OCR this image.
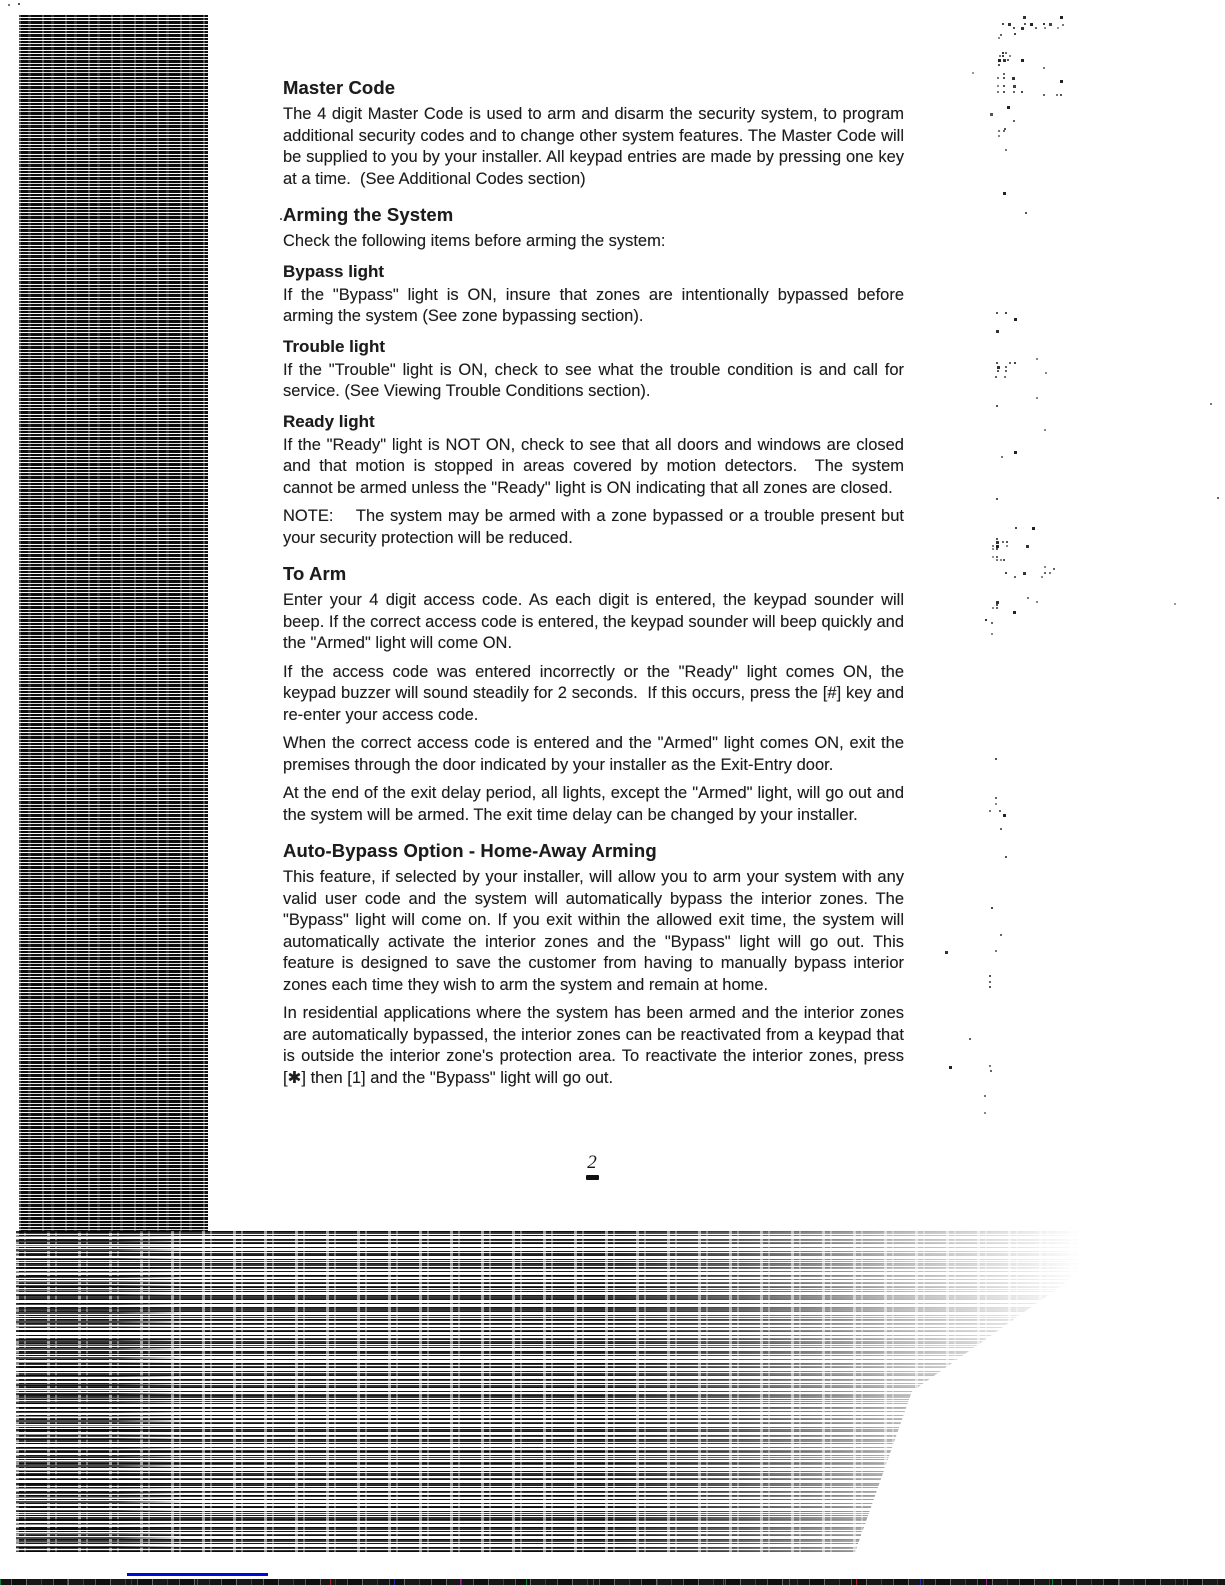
Master Code

The 4 digit Master Code is used to arm and disarm the security system, to program additional security codes and to change other system features. The Master Code will be supplied to you by your installer. All keypad entries are made by pressing one key at a time.  (See Additional Codes section)

Arming the System

Check the following items before arming the system:

Bypass light

If the "Bypass" light is ON, insure that zones are intentionally bypassed before arming the system (See zone bypassing section).

Trouble light

If the "Trouble" light is ON, check to see what the trouble condition is and call for service. (See Viewing Trouble Conditions section).

Ready light

If the "Ready" light is NOT ON, check to see that all doors and windows are closed and that motion is stopped in areas covered by motion detectors.  The system cannot be armed unless the "Ready" light is ON indicating that all zones are closed.

NOTE:    The system may be armed with a zone bypassed or a trouble present but your security protection will be reduced.

To Arm

Enter your 4 digit access code. As each digit is entered, the keypad sounder will beep. If the correct access code is entered, the keypad sounder will beep quickly and the "Armed" light will come ON.

If the access code was entered incorrectly or the "Ready" light comes ON, the keypad buzzer will sound steadily for 2 seconds.  If this occurs, press the [#] key and re-enter your access code.

When the correct access code is entered and the "Armed" light comes ON, exit the premises through the door indicated by your installer as the Exit-Entry door.

At the end of the exit delay period, all lights, except the "Armed" light, will go out and the system will be armed. The exit time delay can be changed by your installer.

Auto-Bypass Option - Home-Away Arming

This feature, if selected by your installer, will allow you to arm your system with any valid user code and the system will automatically bypass the interior zones. The "Bypass" light will come on. If you exit within the allowed exit time, the system will automatically activate the interior zones and the "Bypass" light will go out. This feature is designed to save the customer from having to manually bypass interior zones each time they wish to arm the system and remain at home.

In residential applications where the system has been armed and the interior zones are automatically bypassed, the interior zones can be reactivated from a keypad that is outside the interior zone's protection area. To reactivate the interior zones, press [✱] then [1] and the "Bypass" light will go out.

2
